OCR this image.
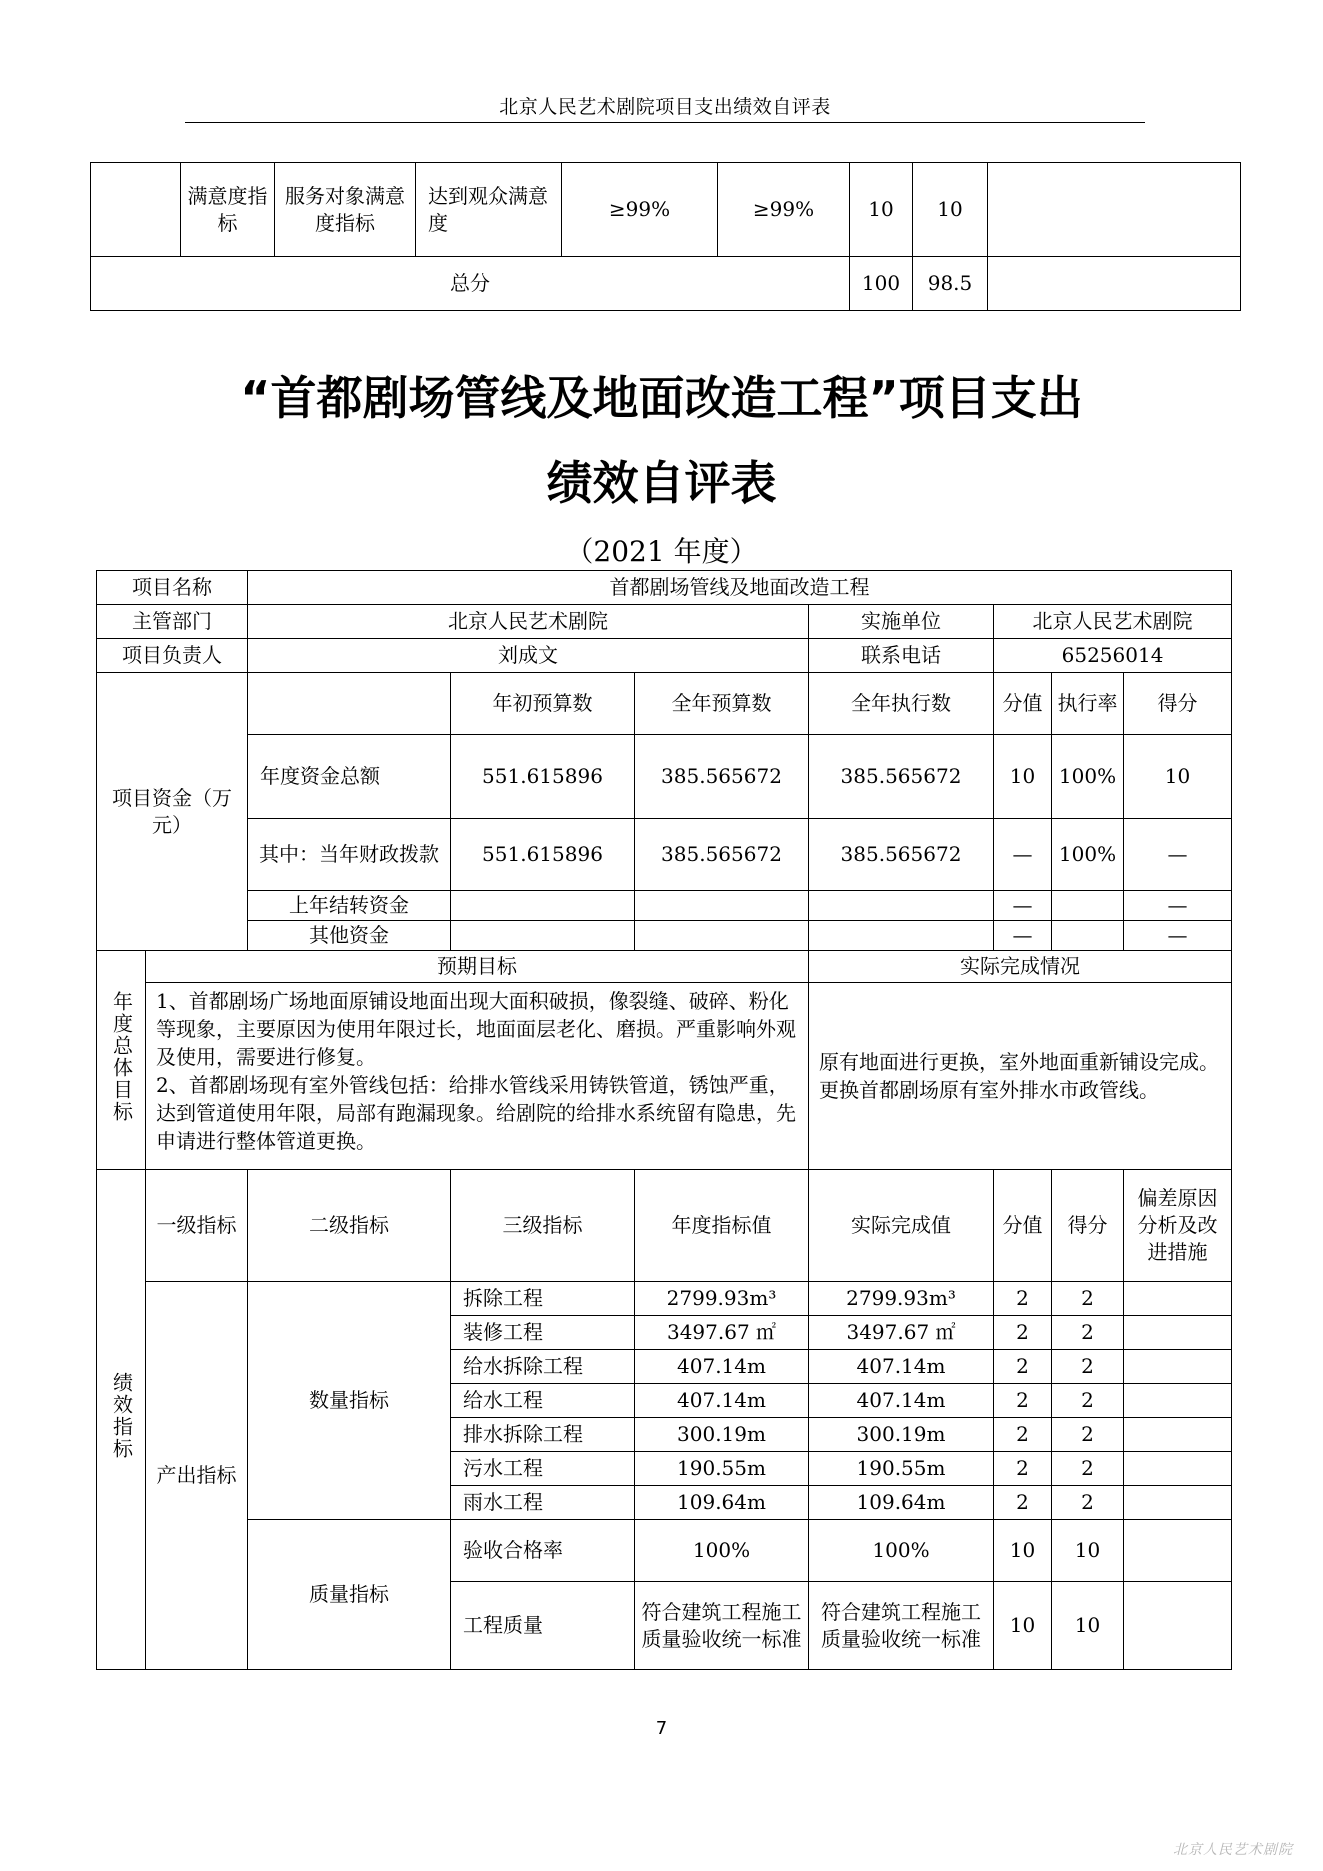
北京人民艺术剧院项目支出绩效自评表
	满意度指标	服务对象满意度指标	达到观众满意度	≥99%	≥99%	10	10	
总分						100	98.5	
“首都剧场管线及地面改造工程”项目支出
绩效自评表
（2021 年度）
项目名称		首都剧场管线及地面改造工程						
主管部门		北京人民艺术剧院			实施单位	北京人民艺术剧院		
项目负责人		刘成文			联系电话	65256014		
项目资金（万元）			年初预算数	全年预算数	全年执行数	分值	执行率	得分
		年度资金总额	551.615896	385.565672	385.565672	10	100%	10
		其中：当年财政拨款	551.615896	385.565672	385.565672	—	100%	—
		上年结转资金				—		—
		其他资金				—		—
年度总体目标	预期目标				实际完成情况			

	1、首都剧场广场地面原铺设地面出现大面积破损，像裂缝、破碎、粉化等现象，主要原因为使用年限过长，地面面层老化、磨损。严重影响外观及使用，需要进行修复。
2、首都剧场现有室外管线包括：给排水管线采用铸铁管道，锈蚀严重，达到管道使用年限，局部有跑漏现象。给剧院的给排水系统留有隐患，先申请进行整体管道更换。				原有地面进行更换，室外地面重新铺设完成。更换首都剧场原有室外排水市政管线。			
绩效指标	一级指标	二级指标	三级指标	年度指标值	实际完成值	分值	得分	偏差原因分析及改进措施
	产出指标	数量指标	拆除工程	2799.93m³	2799.93m³	2	2	
			装修工程	3497.67 ㎡	3497.67 ㎡	2	2	
			给水拆除工程	407.14m	407.14m	2	2	
			给水工程	407.14m	407.14m	2	2	
			排水拆除工程	300.19m	300.19m	2	2	
			污水工程	190.55m	190.55m	2	2	
			雨水工程	109.64m	109.64m	2	2	
		质量指标	验收合格率	100%	100%	10	10	
			工程质量	符合建筑工程施工质量验收统一标准	符合建筑工程施工质量验收统一标准	10	10	
7
北京人民艺术剧院
